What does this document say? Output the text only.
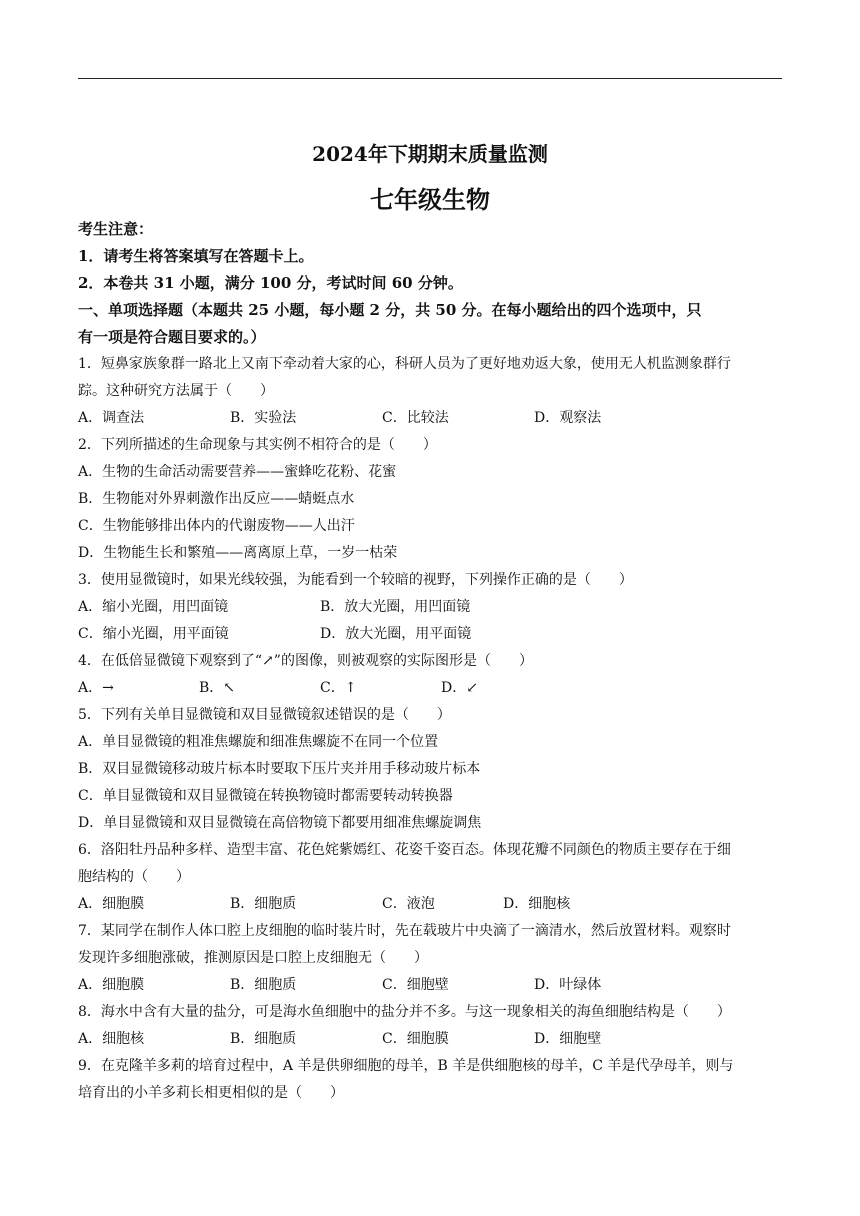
2024年下期期末质量监测
七年级生物
考生注意：
1．请考生将答案填写在答题卡上。
2．本卷共 31 小题，满分 100 分，考试时间 60 分钟。
一、单项选择题（本题共 25 小题，每小题 2 分，共 50 分。在每小题给出的四个选项中，只
有一项是符合题目要求的。）
1．短鼻家族象群一路北上又南下牵动着大家的心，科研人员为了更好地劝返大象，使用无人机监测象群行
踪。这种研究方法属于（　　）
A．调查法	B．实验法	C．比较法	D．观察法
2．下列所描述的生命现象与其实例不相符合的是（　　）
A．生物的生命活动需要营养——蜜蜂吃花粉、花蜜
B．生物能对外界刺激作出反应——蜻蜓点水
C．生物能够排出体内的代谢废物——人出汗
D．生物能生长和繁殖——离离原上草，一岁一枯荣
3．使用显微镜时，如果光线较强，为能看到一个较暗的视野，下列操作正确的是（　　）
A．缩小光圈，用凹面镜	B．放大光圈，用凹面镜
C．缩小光圈，用平面镜	D．放大光圈，用平面镜
4．在低倍显微镜下观察到了“↗”的图像，则被观察的实际图形是（　　）
A．→	B．↖	C．↑	D．↙
5．下列有关单目显微镜和双目显微镜叙述错误的是（　　）
A．单目显微镜的粗准焦螺旋和细准焦螺旋不在同一个位置
B．双目显微镜移动玻片标本时要取下压片夹并用手移动玻片标本
C．单目显微镜和双目显微镜在转换物镜时都需要转动转换器
D．单目显微镜和双目显微镜在高倍物镜下都要用细准焦螺旋调焦
6．洛阳牡丹品种多样、造型丰富、花色姹紫嫣红、花姿千姿百态。体现花瓣不同颜色的物质主要存在于细
胞结构的（　　）
A．细胞膜	B．细胞质	C．液泡	D．细胞核
7．某同学在制作人体口腔上皮细胞的临时装片时，先在载玻片中央滴了一滴清水，然后放置材料。观察时
发现许多细胞涨破，推测原因是口腔上皮细胞无（　　）
A．细胞膜	B．细胞质	C．细胞壁	D．叶绿体
8．海水中含有大量的盐分，可是海水鱼细胞中的盐分并不多。与这一现象相关的海鱼细胞结构是（　　）
A．细胞核	B．细胞质	C．细胞膜	D．细胞壁
9．在克隆羊多莉的培育过程中，A 羊是供卵细胞的母羊，B 羊是供细胞核的母羊，C 羊是代孕母羊，则与
培育出的小羊多莉长相更相似的是（　　）
